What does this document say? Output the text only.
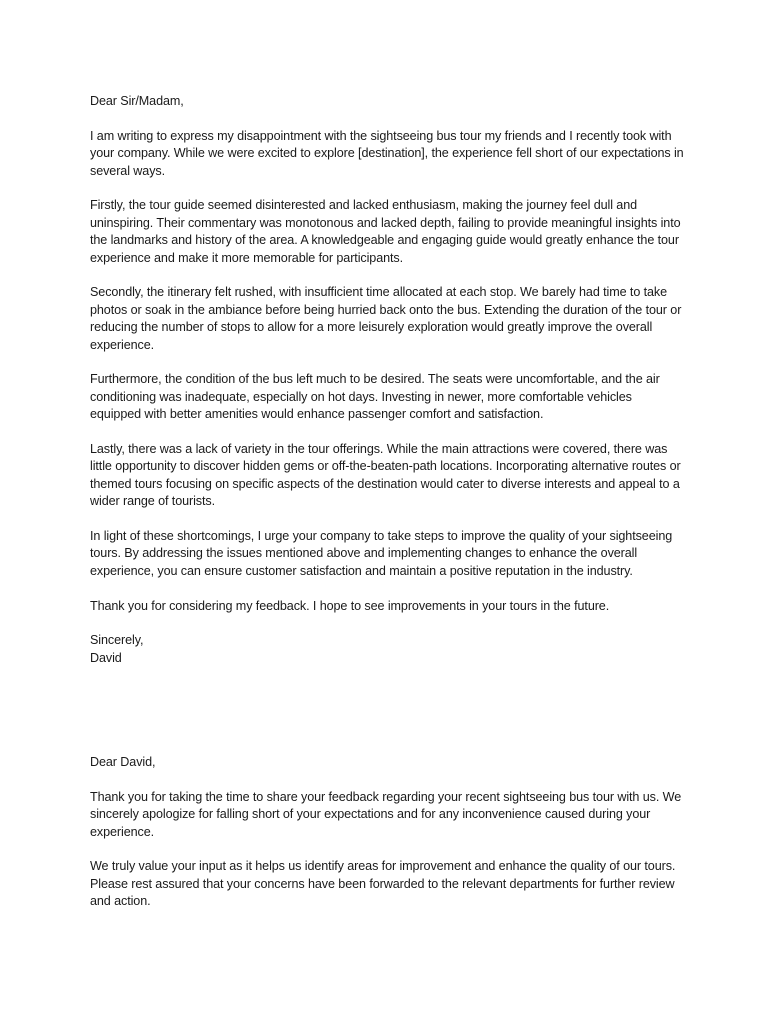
Dear Sir/Madam,

I am writing to express my disappointment with the sightseeing bus tour my friends and I recently took with your company. While we were excited to explore [destination], the experience fell short of our expectations in several ways.

Firstly, the tour guide seemed disinterested and lacked enthusiasm, making the journey feel dull and uninspiring. Their commentary was monotonous and lacked depth, failing to provide meaningful insights into the landmarks and history of the area. A knowledgeable and engaging guide would greatly enhance the tour experience and make it more memorable for participants.

Secondly, the itinerary felt rushed, with insufficient time allocated at each stop. We barely had time to take photos or soak in the ambiance before being hurried back onto the bus. Extending the duration of the tour or reducing the number of stops to allow for a more leisurely exploration would greatly improve the overall experience.

Furthermore, the condition of the bus left much to be desired. The seats were uncomfortable, and the air conditioning was inadequate, especially on hot days. Investing in newer, more comfortable vehicles equipped with better amenities would enhance passenger comfort and satisfaction.

Lastly, there was a lack of variety in the tour offerings. While the main attractions were covered, there was little opportunity to discover hidden gems or off-the-beaten-path locations. Incorporating alternative routes or themed tours focusing on specific aspects of the destination would cater to diverse interests and appeal to a wider range of tourists.

In light of these shortcomings, I urge your company to take steps to improve the quality of your sightseeing tours. By addressing the issues mentioned above and implementing changes to enhance the overall experience, you can ensure customer satisfaction and maintain a positive reputation in the industry.

Thank you for considering my feedback. I hope to see improvements in your tours in the future.

Sincerely,

David

Dear David,

Thank you for taking the time to share your feedback regarding your recent sightseeing bus tour with us. We sincerely apologize for falling short of your expectations and for any inconvenience caused during your experience.

We truly value your input as it helps us identify areas for improvement and enhance the quality of our tours. Please rest assured that your concerns have been forwarded to the relevant departments for further review and action.
